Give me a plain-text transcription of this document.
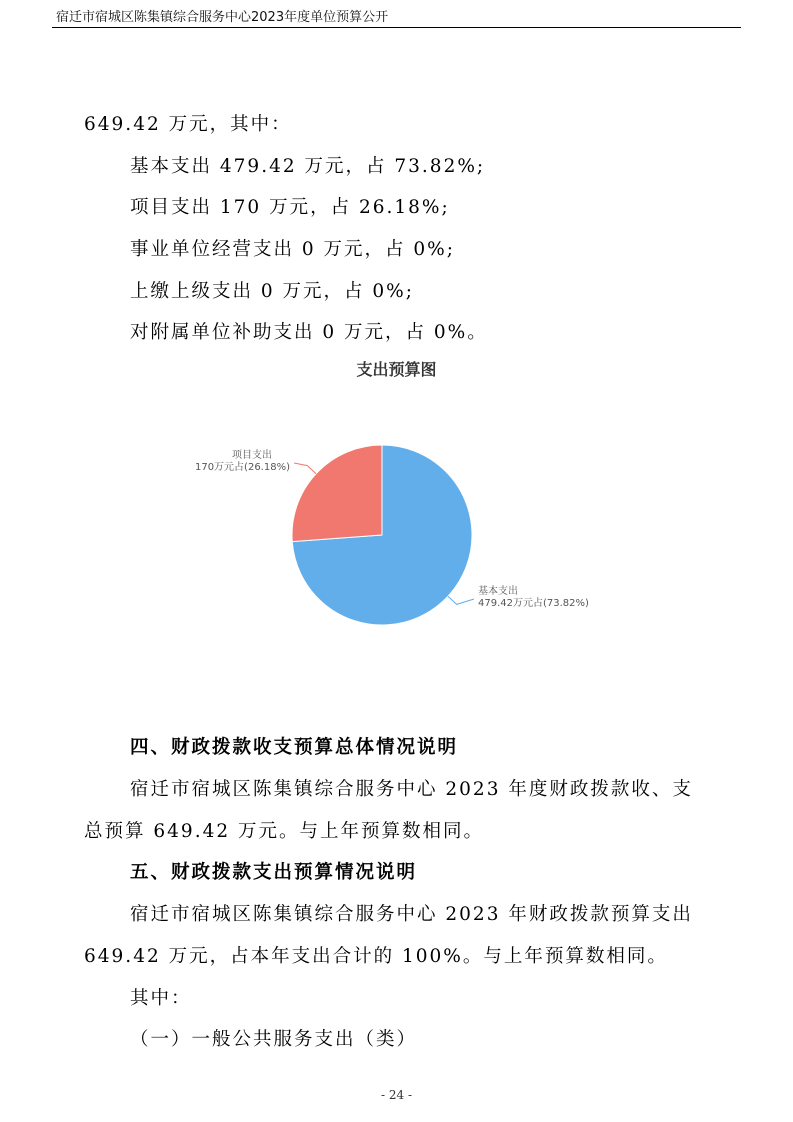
宿迁市宿城区陈集镇综合服务中心2023年度单位预算公开
649.42 万元，其中：
基本支出 479.42 万元，占 73.82%;
项目支出 170 万元，占 26.18%;
事业单位经营支出 0 万元，占 0%;
上缴上级支出 0 万元，占 0%;
对附属单位补助支出 0 万元，占 0%。
支出预算图
基本支出
479.42万元占(73.82%)
项目支出
170万元占(26.18%)
四、财政拨款收支预算总体情况说明
宿迁市宿城区陈集镇综合服务中心 2023 年度财政拨款收、支
总预算 649.42 万元。与上年预算数相同。
五、财政拨款支出预算情况说明
宿迁市宿城区陈集镇综合服务中心 2023 年财政拨款预算支出
649.42 万元，占本年支出合计的 100%。与上年预算数相同。
其中：
（一）一般公共服务支出（类）
- 24 -
